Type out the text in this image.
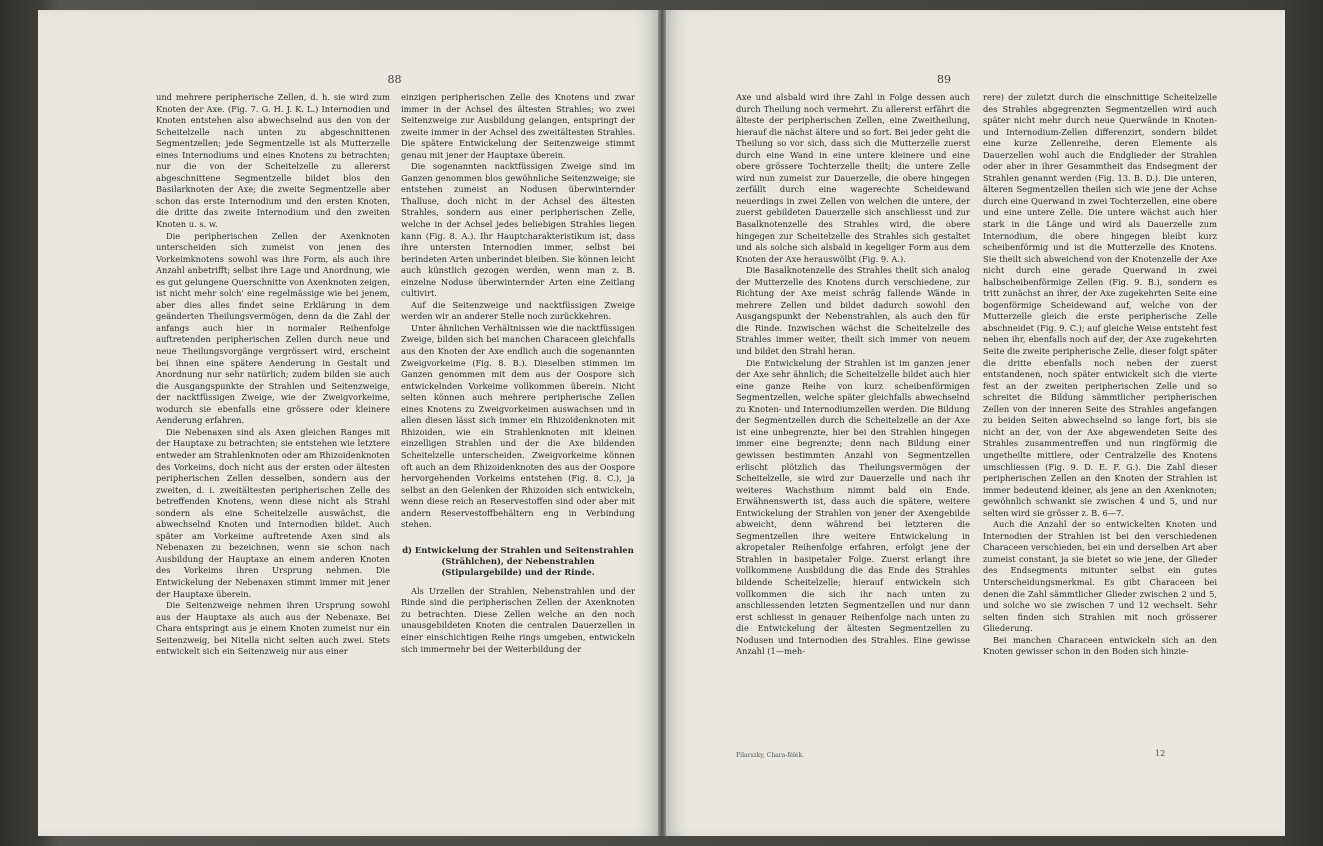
88

und mehrere peripherische Zellen, d. h. sie wird zum Knoten der Axe. (Fig. 7. G. H. J. K. L.) Internodien und Knoten entstehen also abwechselnd aus den von der Scheitelzelle nach unten zu abgeschnittenen Segmentzellen; jede Segmentzelle ist als Mutterzelle eines Internodiums und eines Knotens zu betrachten; nur die von der Scheitelzelle zu allererst abgeschnittene Segmentzelle bildet blos den Basilarknoten der Axe; die zweite Segmentzelle aber schon das erste Internodium und den ersten Knoten, die dritte das zweite Internodium und den zweiten Knoten u. s. w.

Die peripherischen Zellen der Axenknoten unterscheiden sich zumeist von jenen des Vorkeimknotens sowohl was ihre Form, als auch ihre Anzahl anbetrifft; selbst ihre Lage und Anordnung, wie es gut gelungene Querschnitte von Axenknoten zeigen, ist nicht mehr solch' eine regelmässige wie bei jenem, aber dies alles findet seine Erklärung in dem geänderten Theilungsvermögen, denn da die Zahl der anfangs auch hier in normaler Reihenfolge auftretenden peripherischen Zellen durch neue und neue Theilungsvorgänge vergrössert wird, erscheint bei ihnen eine spätere Aenderung in Gestalt und Anordnung nur sehr natürlich; zudem bilden sie auch die Ausgangspunkte der Strahlen und Seitenzweige, der nacktfüssigen Zweige, wie der Zweigvorkeime, wodurch sie ebenfalls eine grössere oder kleinere Aenderung erfahren.

Die Nebenaxen sind als Axen gleichen Ranges mit der Hauptaxe zu betrachten; sie entstehen wie letztere entweder am Strahlenknoten oder am Rhizoidenknoten des Vorkeims, doch nicht aus der ersten oder ältesten peripherischen Zellen desselben, sondern aus der zweiten, d. i. zweitältesten peripherischen Zelle des betreffenden Knotens, wenn diese nicht als Strahl sondern als eine Scheitelzelle auswächst, die abwechselnd Knoten und Internodien bildet. Auch später am Vorkeime auftretende Axen sind als Nebenaxen zu bezeichnen, wenn sie schon nach Ausbildung der Hauptaxe an einem anderen Knoten des Vorkeims ihren Ursprung nehmen. Die Entwickelung der Nebenaxen stimmt immer mit jener der Hauptaxe überein.

Die Seitenzweige nehmen ihren Ursprung sowohl aus der Hauptaxe als auch aus der Nebenaxe. Bei Chara entspringt aus je einem Knoten zumeist nur ein Seitenzweig, bei Nitella nicht selten auch zwei. Stets entwickelt sich ein Seitenzweig nur aus einer

einzigen peripherischen Zelle des Knotens und zwar immer in der Achsel des ältesten Strahles; wo zwei Seitenzweige zur Ausbildung gelangen, entspringt der zweite immer in der Achsel des zweitältesten Strahles. Die spätere Entwickelung der Seitenzweige stimmt genau mit jener der Hauptaxe überein.

Die sogenannten nacktfüssigen Zweige sind im Ganzen genommen blos gewöhnliche Seitenzweige; sie entstehen zumeist an Nodusen überwinternder Thalluse, doch nicht in der Achsel des ältesten Strahles, sondern aus einer peripherischen Zelle, welche in der Achsel jedes beliebigen Strahles liegen kann (Fig. 8. A.). Ihr Hauptcharakteristikum ist, dass ihre untersten Internodien immer, selbst bei berindeten Arten unberindet bleiben. Sie können leicht auch künstlich gezogen werden, wenn man z. B. einzelne Noduse überwinternder Arten eine Zeitlang cultivirt.

Auf die Seitenzweige und nacktfüssigen Zweige werden wir an anderer Stelle noch zurückkehren.

Unter ähnlichen Verhältnissen wie die nacktfüssigen Zweige, bilden sich bei manchen Characeen gleichfalls aus den Knoten der Axe endlich auch die sogenannten Zweigvorkeime (Fig. 8. B.). Dieselben stimmen im Ganzen genommen mit dem aus der Oospore sich entwickelnden Vorkeime vollkommen überein. Nicht selten können auch mehrere peripherische Zellen eines Knotens zu Zweigvorkeimen auswachsen und in allen diesen lässt sich immer ein Rhizoidenknoten mit Rhizoiden, wie ein Strahlenknoten mit kleinen einzelligen Strahlen und der die Axe bildenden Scheitelzelle unterscheiden. Zweigvorkeime können oft auch an dem Rhizoidenknoten des aus der Oospore hervorgehenden Vorkeims entstehen (Fig. 8. C.), ja selbst an den Gelenken der Rhizoiden sich entwickeln, wenn diese reich an Reservestoffen sind oder aber mit andern Reservestoffbehältern eng in Verbindung stehen.

d) Entwickelung der Strahlen und Seitenstrahlen (Strählchen), der Nebenstrahlen (Stipulargebilde) und der Rinde.

Als Urzellen der Strahlen, Nebenstrahlen und der Rinde sind die peripherischen Zellen der Axenknoten zu betrachten. Diese Zellen welche an den noch unausgebildeten Knoten die centralen Dauerzellen in einer einschichtigen Reihe rings umgeben, entwickeln sich immermehr bei der Weiterbildung der

89

Axe und alsbald wird ihre Zahl in Folge dessen auch durch Theilung noch vermehrt. Zu allererst erfährt die älteste der peripherischen Zellen, eine Zweitheilung, hierauf die nächst ältere und so fort. Bei jeder geht die Theilung so vor sich, dass sich die Mutterzelle zuerst durch eine Wand in eine untere kleinere und eine obere grössere Tochterzelle theilt; die untere Zelle wird nun zumeist zur Dauerzelle, die obere hingegen zerfällt durch eine wagerechte Scheidewand neuerdings in zwei Zellen von welchen die untere, der zuerst gebildeten Dauerzelle sich anschliesst und zur Basalknotenzelle des Strahles wird, die obere hingegen zur Scheitelzelle des Strahles sich gestaltet und als solche sich alsbald in kegeliger Form aus dem Knoten der Axe herauswölbt (Fig. 9. A.).

Die Basalknotenzelle des Strahles theilt sich analog der Mutterzelle des Knotens durch verschiedene, zur Richtung der Axe meist schräg fallende Wände in mehrere Zellen und bildet dadurch sowohl den Ausgangspunkt der Nebenstrahlen, als auch den für die Rinde. Inzwischen wächst die Scheitelzelle des Strahles immer weiter, theilt sich immer von neuem und bildet den Strahl heran.

Die Entwickelung der Strahlen ist im ganzen jener der Axe sehr ähnlich; die Scheitelzelle bildet auch hier eine ganze Reihe von kurz scheibenförmigen Segmentzellen, welche später gleichfalls abwechselnd zu Knoten- und Internodiumzellen werden. Die Bildung der Segmentzellen durch die Scheitelzelle an der Axe ist eine unbegrenzte, hier bei den Strahlen hingegen immer eine begrenzte; denn nach Bildung einer gewissen bestimmten Anzahl von Segmentzellen erlischt plötzlich das Theilungsvermögen der Scheitelzelle, sie wird zur Dauerzelle und nach ihr weiteres Wachsthum nimmt bald ein Ende. Erwähnenswerth ist, dass auch die spätere, weitere Entwickelung der Strahlen von jener der Axengebilde abweicht, denn während bei letzteren die Segmentzellen ihre weitere Entwickelung in akropetaler Reihenfolge erfahren, erfolgt jene der Strahlen in basipetaler Folge. Zuerst erlangt ihre vollkommene Ausbildung die das Ende des Strahles bildende Scheitelzelle; hierauf entwickeln sich vollkommen die sich ihr nach unten zu anschliessenden letzten Segmentzellen und nur dann erst schliesst in genauer Reihenfolge nach unten zu die Entwickelung der ältesten Segmentzellen zu Nodusen und Internodien des Strahles. Eine gewisse Anzahl (1—meh-

rere) der zuletzt durch die einschnittige Scheitelzelle des Strahles abgegrenzten Segmentzellen wird auch später nicht mehr durch neue Querwände in Knoten- und Internodium-Zellen differenzirt, sondern bildet eine kurze Zellenreihe, deren Elemente als Dauerzellen wohl auch die Endglieder der Strahlen oder aber in ihrer Gesammtheit das Endsegment der Strahlen genannt werden (Fig. 13. B. D.). Die unteren, älteren Segmentzellen theilen sich wie jene der Achse durch eine Querwand in zwei Tochterzellen, eine obere und eine untere Zelle. Die untere wächst auch hier stark in die Länge und wird als Dauerzelle zum Internodium, die obere hingegen bleibt kurz scheibenförmig und ist die Mutterzelle des Knotens. Sie theilt sich abweichend von der Knotenzelle der Axe nicht durch eine gerade Querwand in zwei halbscheibenförmige Zellen (Fig. 9. B.), sondern es tritt zunächst an ihrer, der Axe zugekehrten Seite eine bogenförmige Scheidewand auf, welche von der Mutterzelle gleich die erste peripherische Zelle abschneidet (Fig. 9. C.); auf gleiche Weise entsteht fest neben ihr, ebenfalls noch auf der, der Axe zugekehrten Seite die zweite peripherische Zelle, dieser folgt später die dritte ebenfalls noch neben der zuerst entstandenen, noch später entwickelt sich die vierte fest an der zweiten peripherischen Zelle und so schreitet die Bildung sämmtlicher peripherischen Zellen von der inneren Seite des Strahles angefangen zu beiden Seiten abwechselnd so lange fort, bis sie nicht an der, von der Axe abgewendeten Seite des Strahles zusammentreffen und nun ringförmig die ungetheilte mittlere, oder Centralzelle des Knotens umschliessen (Fig. 9. D. E. F. G.). Die Zahl dieser peripherischen Zellen an den Knoten der Strahlen ist immer bedeutend kleiner, als jene an den Axenknoten; gewöhnlich schwankt sie zwischen 4 und 5, und nur selten wird sie grösser z. B. 6—7.

Auch die Anzahl der so entwickelten Knoten und Internodien der Strahlen ist bei den verschiedenen Characeen verschieden, bei ein und derselben Art aber zumeist constant, ja sie bietet so wie jene, der Glieder des Endsegments mitunter selbst ein gutes Unterscheidungsmerkmal. Es gibt Characeen bei denen die Zahl sämmtlicher Glieder zwischen 2 und 5, und solche wo sie zwischen 7 und 12 wechselt. Sehr selten finden sich Strahlen mit noch grösserer Gliederung.

Bei manchen Characeen entwickeln sich an den Knoten gewisser schon in den Boden sich hinzie-

Filarszky, Chara-félék.	12
